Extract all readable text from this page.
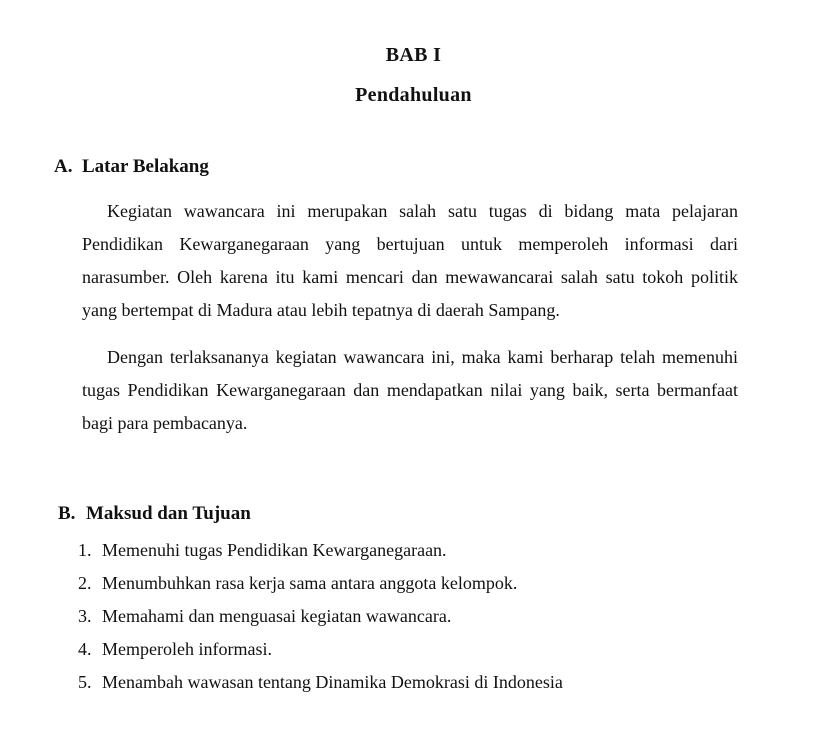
BAB I
Pendahuluan
A. Latar Belakang

Kegiatan wawancara ini merupakan salah satu tugas di bidang mata pelajaran Pendidikan Kewarganegaraan yang bertujuan untuk memperoleh informasi dari narasumber. Oleh karena itu kami mencari dan mewawancarai salah satu tokoh politik yang bertempat di Madura atau lebih tepatnya di daerah Sampang.

Dengan terlaksananya kegiatan wawancara ini, maka kami berharap telah memenuhi tugas Pendidikan Kewarganegaraan dan mendapatkan nilai yang baik, serta bermanfaat bagi para pembacanya.

B. Maksud dan Tujuan
1. Memenuhi tugas Pendidikan Kewarganegaraan.
2. Menumbuhkan rasa kerja sama antara anggota kelompok.
3. Memahami dan menguasai kegiatan wawancara.
4. Memperoleh informasi.
5. Menambah wawasan tentang Dinamika Demokrasi di Indonesia
